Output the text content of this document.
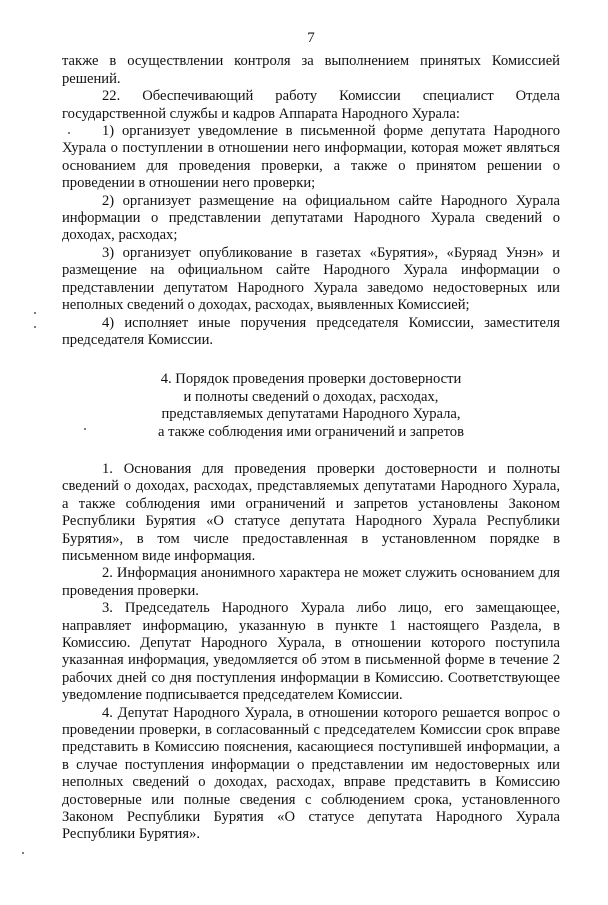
7

также в осуществлении контроля за выполнением принятых Комиссией решений.

22. Обеспечивающий работу Комиссии специалист Отдела государственной службы и кадров Аппарата Народного Хурала:

1) организует уведомление в письменной форме депутата Народного Хурала о поступлении в отношении него информации, которая может являться основанием для проведения проверки, а также о принятом решении о проведении в отношении него проверки;

2) организует размещение на официальном сайте Народного Хурала информации о представлении депутатами Народного Хурала сведений о доходах, расходах;

3) организует опубликование в газетах «Бурятия», «Буряад Унэн» и размещение на официальном сайте Народного Хурала информации о представлении депутатом Народного Хурала заведомо недостоверных или неполных сведений о доходах, расходах, выявленных Комиссией;

4) исполняет иные поручения председателя Комиссии, заместителя председателя Комиссии.

4. Порядок проведения проверки достоверности
и полноты сведений о доходах, расходах,
представляемых депутатами Народного Хурала,
а также соблюдения ими ограничений и запретов

1. Основания для проведения проверки достоверности и полноты сведений о доходах, расходах, представляемых депутатами Народного Хурала, а также соблюдения ими ограничений и запретов установлены Законом Республики Бурятия «О статусе депутата Народного Хурала Республики Бурятия», в том числе предоставленная в установленном порядке в письменном виде информация.

2. Информация анонимного характера не может служить основанием для проведения проверки.

3. Председатель Народного Хурала либо лицо, его замещающее, направляет информацию, указанную в пункте 1 настоящего Раздела, в Комиссию. Депутат Народного Хурала, в отношении которого поступила указанная информация, уведомляется об этом в письменной форме в течение 2 рабочих дней со дня поступления информации в Комиссию. Соответствующее уведомление подписывается председателем Комиссии.

4. Депутат Народного Хурала, в отношении которого решается вопрос о проведении проверки, в согласованный с председателем Комиссии срок вправе представить в Комиссию пояснения, касающиеся поступившей информации, а в случае поступления информации о представлении им недостоверных или неполных сведений о доходах, расходах, вправе представить в Комиссию достоверные или полные сведения с соблюдением срока, установленного Законом Республики Бурятия «О статусе депутата Народного Хурала Республики Бурятия».
